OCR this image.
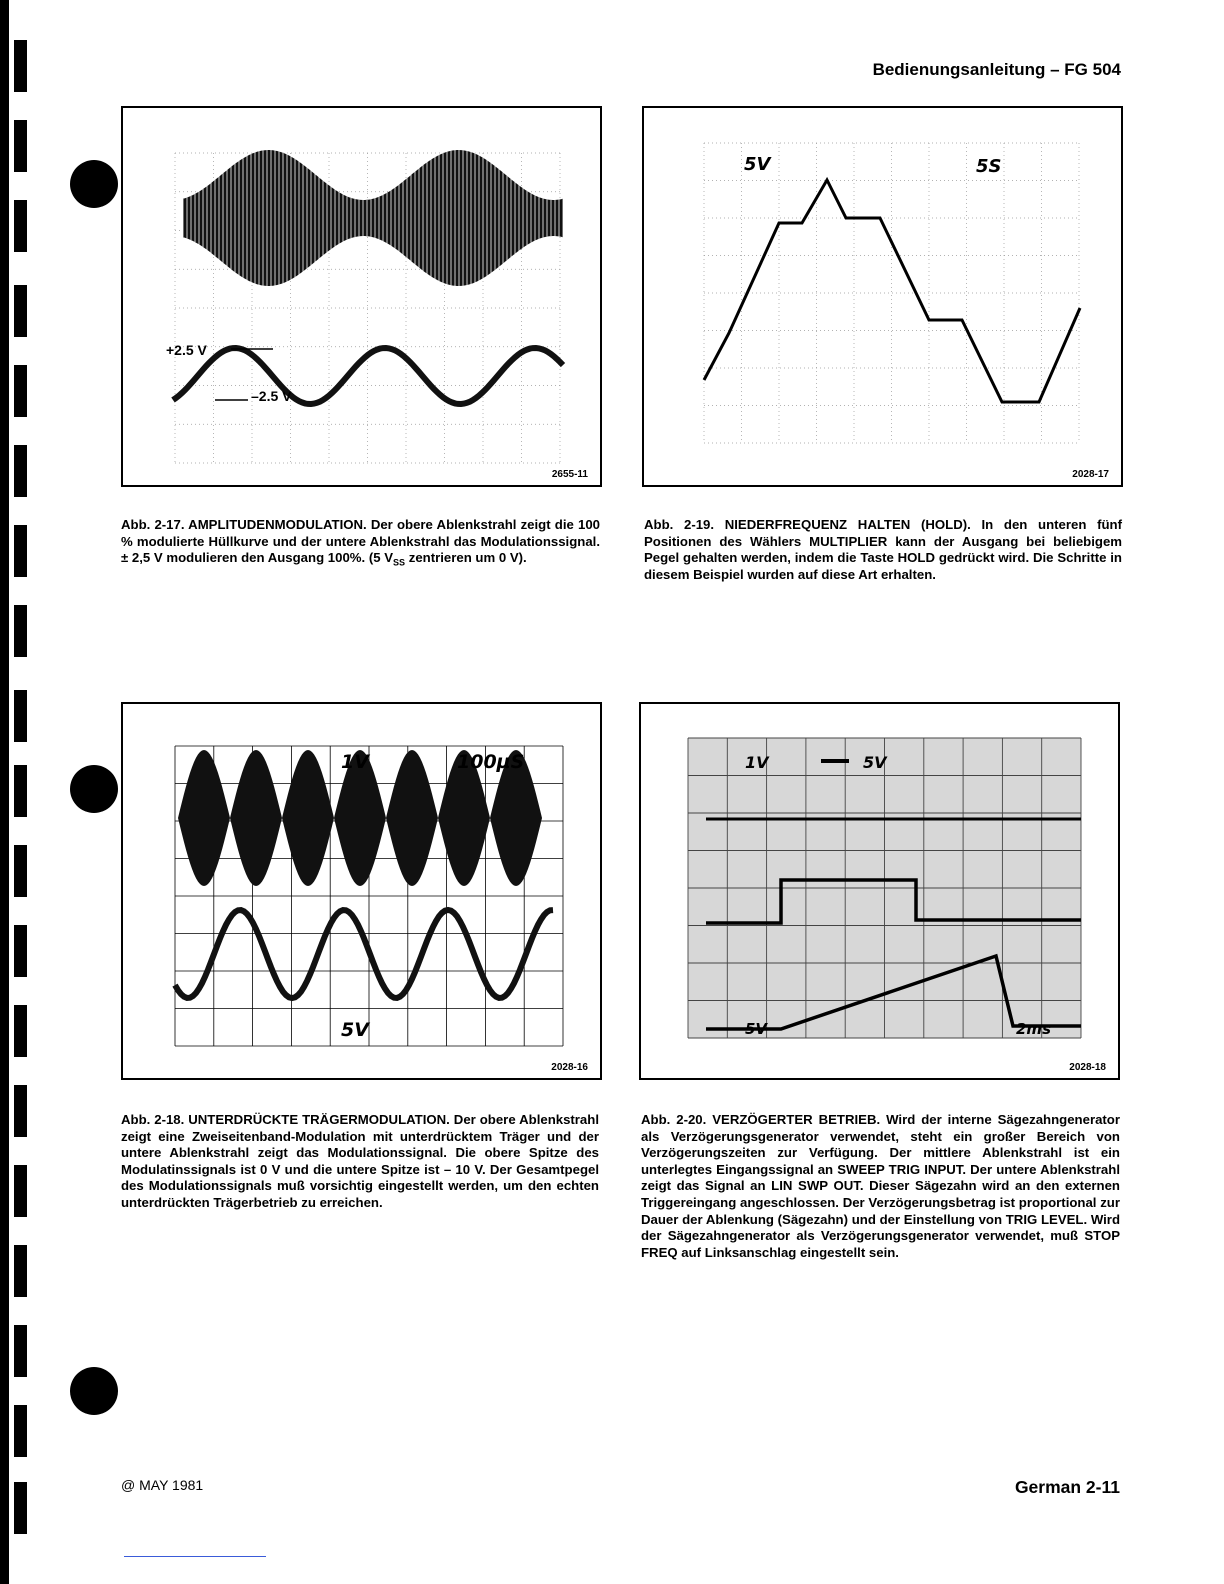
Bedienungsanleitung – FG 504
+2.5 V
–2.5 V
2655-11
Abb. 2-17. AMPLITUDENMODULATION. Der obere Ablenkstrahl zeigt die 100 % modulierte Hüllkurve und der untere Ablenkstrahl das Modulationssignal. ± 2,5 V modulieren den Ausgang 100%. (5 $V_{SS}$ zentrieren um 0 V).
5V	5S
2028-17
Abb. 2-19. NIEDERFREQUENZ HALTEN (HOLD). In den unteren fünf Positionen des Wählers MULTIPLIER kann der Ausgang bei beliebigem Pegel gehalten werden, indem die Taste HOLD gedrückt wird. Die Schritte in diesem Beispiel wurden auf diese Art erhalten.
1V	100µS
5V
2028-16
Abb. 2-18. UNTERDRÜCKTE TRÄGERMODULATION. Der obere Ablenkstrahl zeigt eine Zweiseitenband-Modulation mit unterdrücktem Träger und der untere Ablenkstrahl zeigt das Modulationssignal. Die obere Spitze des Modulatinssignals ist 0 V und die untere Spitze ist – 10 V. Der Gesamtpegel des Modulationssignals muß vorsichtig eingestellt werden, um den echten unterdrückten Trägerbetrieb zu erreichen.
1V	5V
5V	2ms
2028-18
Abb. 2-20. VERZÖGERTER BETRIEB. Wird der interne Sägezahngenerator als Verzögerungsgenerator verwendet, steht ein großer Bereich von Verzögerungszeiten zur Verfügung. Der mittlere Ablenkstrahl ist ein unterlegtes Eingangssignal an SWEEP TRIG INPUT. Der untere Ablenkstrahl zeigt das Signal an LIN SWP OUT. Dieser Sägezahn wird an den externen Triggereingang angeschlossen. Der Verzögerungsbetrag ist proportional zur Dauer der Ablenkung (Sägezahn) und der Einstellung von TRIG LEVEL. Wird der Sägezahngenerator als Verzögerungsgenerator verwendet, muß STOP FREQ auf Linksanschlag eingestellt sein.
@ MAY 1981	German 2-11
